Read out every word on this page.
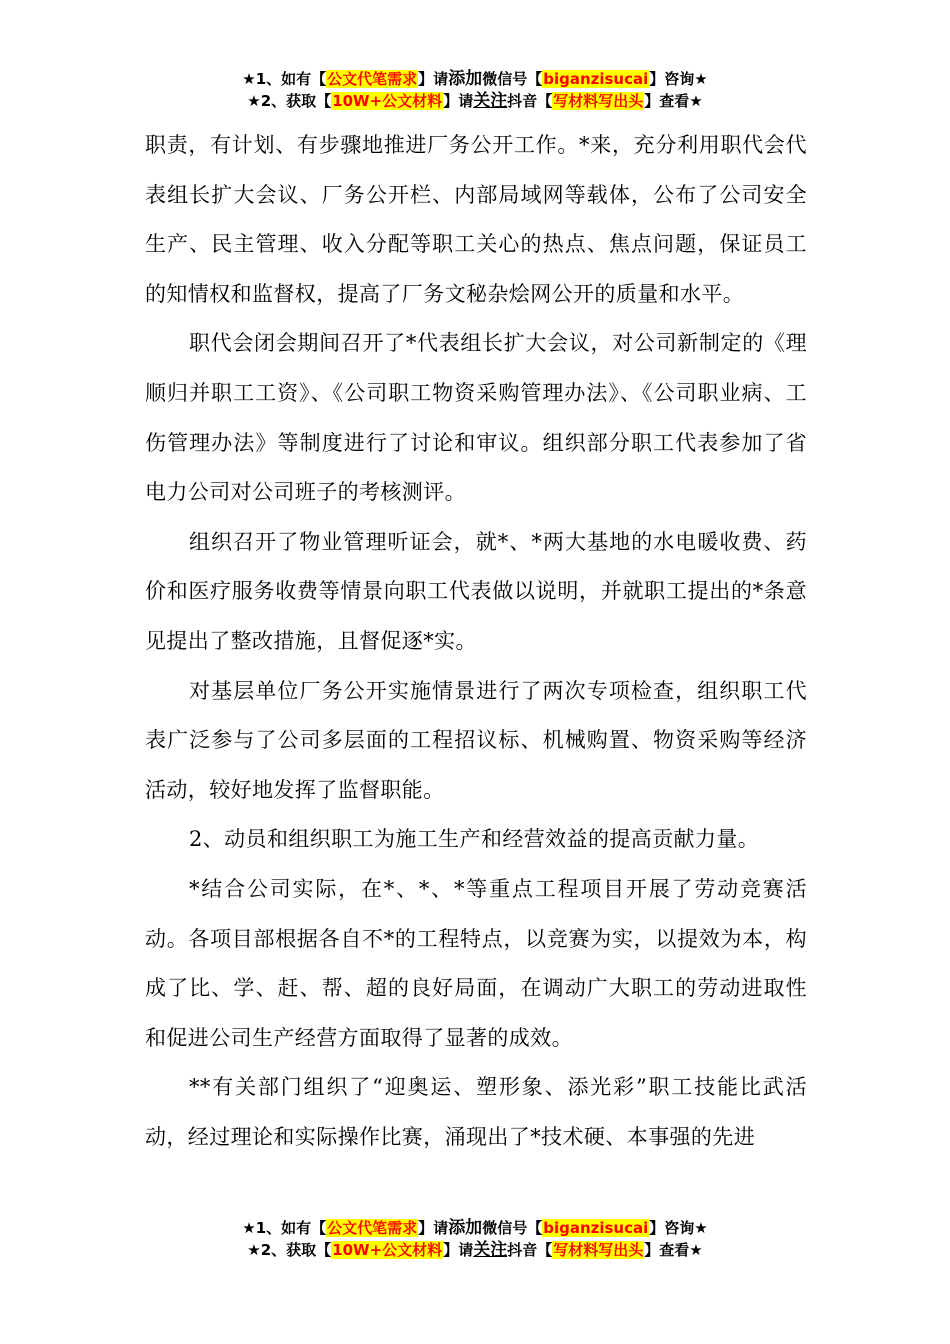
★1、如有【公文代笔需求】请添加微信号【biganzisucai】咨询★
★2、获取【10W+公文材料】请关注抖音【写材料写出头】查看★

职责，有计划、有步骤地推进厂务公开工作。*来，充分利用职代会代表组长扩大会议、厂务公开栏、内部局域网等载体，公布了公司安全生产、民主管理、收入分配等职工关心的热点、焦点问题，保证员工的知情权和监督权，提高了厂务文秘杂烩网公开的质量和水平。

职代会闭会期间召开了*代表组长扩大会议，对公司新制定的《理顺归并职工工资》、《公司职工物资采购管理办法》、《公司职业病、工伤管理办法》等制度进行了讨论和审议。组织部分职工代表参加了省电力公司对公司班子的考核测评。

组织召开了物业管理听证会，就*、*两大基地的水电暖收费、药价和医疗服务收费等情景向职工代表做以说明，并就职工提出的*条意见提出了整改措施，且督促逐*实。

对基层单位厂务公开实施情景进行了两次专项检查，组织职工代表广泛参与了公司多层面的工程招议标、机械购置、物资采购等经济活动，较好地发挥了监督职能。

2、动员和组织职工为施工生产和经营效益的提高贡献力量。

*结合公司实际，在*、*、*等重点工程项目开展了劳动竞赛活动。各项目部根据各自不*的工程特点，以竞赛为实，以提效为本，构成了比、学、赶、帮、超的良好局面，在调动广大职工的劳动进取性和促进公司生产经营方面取得了显著的成效。

**有关部门组织了“迎奥运、塑形象、添光彩”职工技能比武活动，经过理论和实际操作比赛，涌现出了*技术硬、本事强的先进

★1、如有【公文代笔需求】请添加微信号【biganzisucai】咨询★
★2、获取【10W+公文材料】请关注抖音【写材料写出头】查看★
